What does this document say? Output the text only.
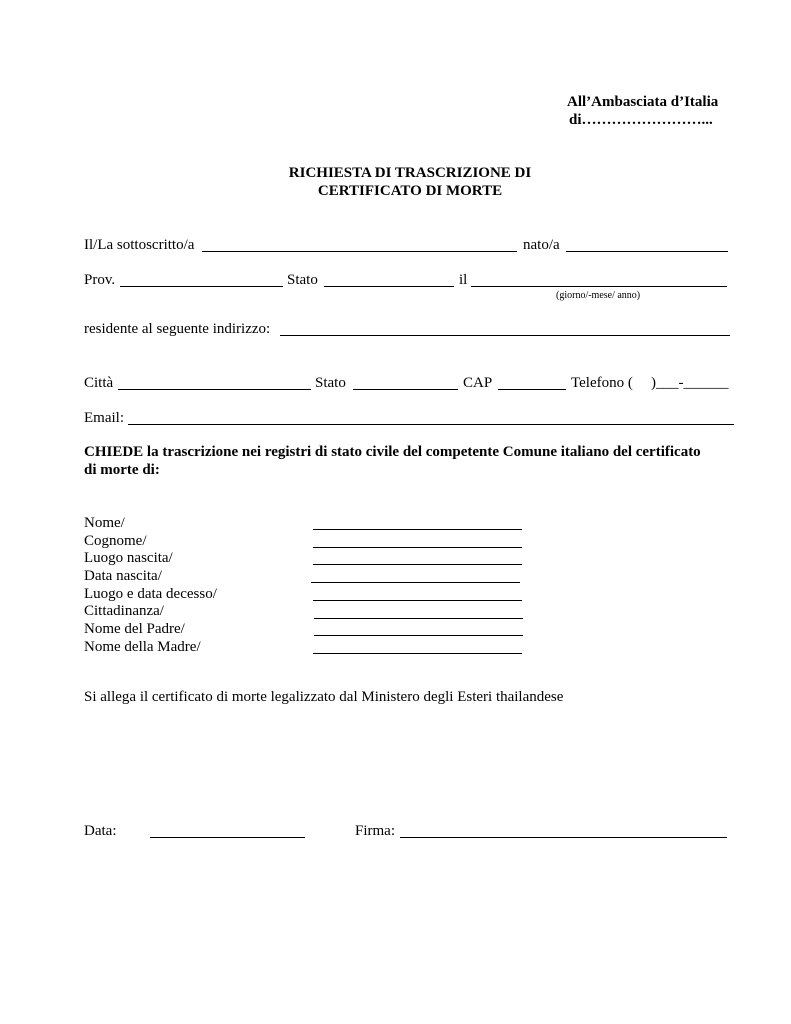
All’Ambasciata d’Italia
di……………………...
RICHIESTA DI TRASCRIZIONE DI
CERTIFICATO DI MORTE
Il/La sottoscritto/a	nato/a
Prov.	Stato	il
(giorno/-mese/ anno)
residente al seguente indirizzo:
Città	Stato	CAP	Telefono ( )___-______
Email:
CHIEDE la trascrizione nei registri di stato civile del competente Comune italiano del certificato
di morte di:
Nome/
Cognome/
Luogo nascita/
Data nascita/
Luogo e data decesso/
Cittadinanza/
Nome del Padre/
Nome della Madre/
Si allega il certificato di morte legalizzato dal Ministero degli Esteri thailandese
Data:	Firma:
